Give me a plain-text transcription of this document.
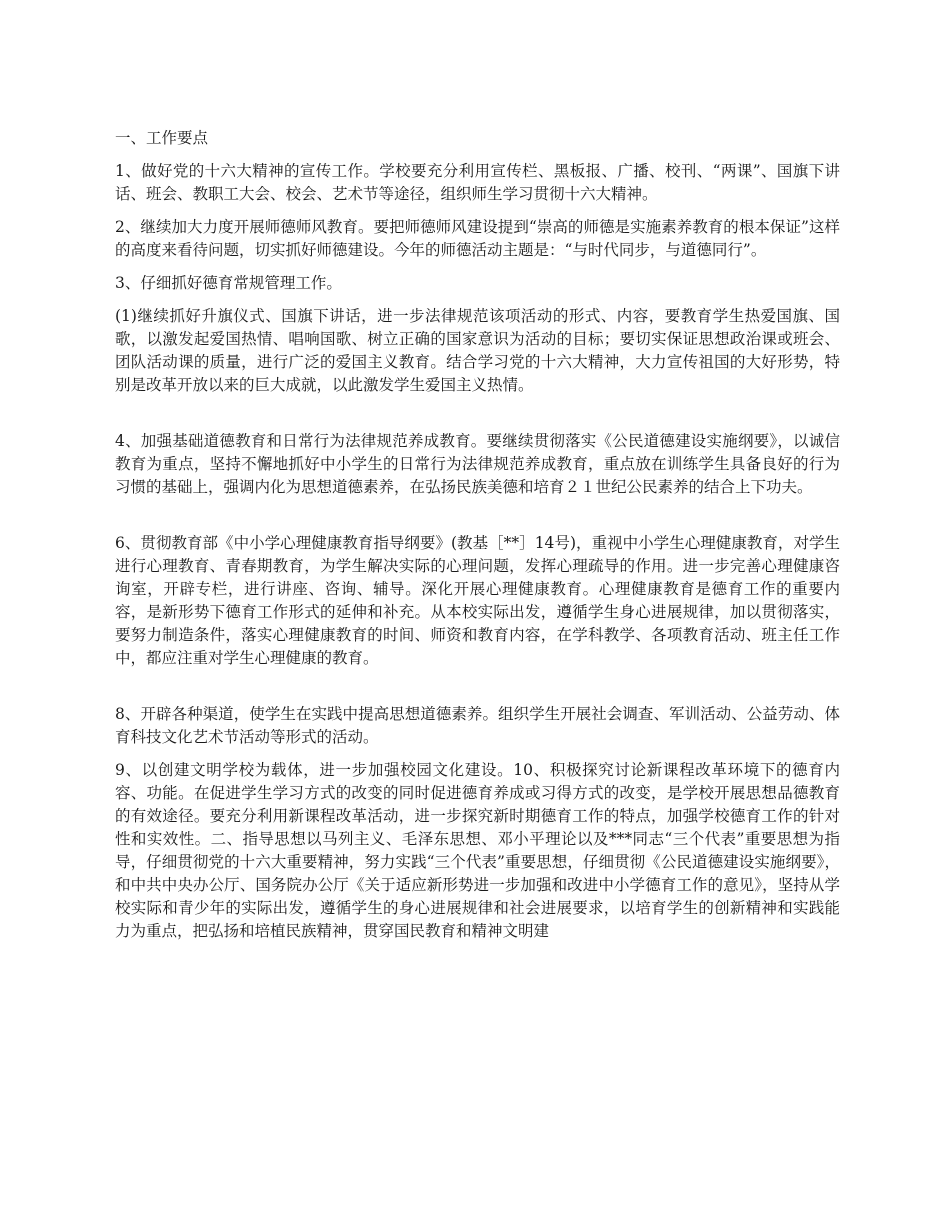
一、工作要点

1、做好党的十六大精神的宣传工作。学校要充分利用宣传栏、黑板报、广播、校刊、“两课”、国旗下讲话、班会、教职工大会、校会、艺术节等途径，组织师生学习贯彻十六大精神。

2、继续加大力度开展师德师风教育。要把师德师风建设提到“崇高的师德是实施素养教育的根本保证”这样的高度来看待问题，切实抓好师德建设。今年的师德活动主题是：“与时代同步，与道德同行”。

3、仔细抓好德育常规管理工作。

(1)继续抓好升旗仪式、国旗下讲话，进一步法律规范该项活动的形式、内容，要教育学生热爱国旗、国歌，以激发起爱国热情、唱响国歌、树立正确的国家意识为活动的目标；要切实保证思想政治课或班会、团队活动课的质量，进行广泛的爱国主义教育。结合学习党的十六大精神，大力宣传祖国的大好形势，特别是改革开放以来的巨大成就，以此激发学生爱国主义热情。

4、加强基础道德教育和日常行为法律规范养成教育。要继续贯彻落实《公民道德建设实施纲要》，以诚信教育为重点，坚持不懈地抓好中小学生的日常行为法律规范养成教育，重点放在训练学生具备良好的行为习惯的基础上，强调内化为思想道德素养，在弘扬民族美德和培育２１世纪公民素养的结合上下功夫。

6、贯彻教育部《中小学心理健康教育指导纲要》(教基［**］14号)，重视中小学生心理健康教育，对学生进行心理教育、青春期教育，为学生解决实际的心理问题，发挥心理疏导的作用。进一步完善心理健康咨询室，开辟专栏，进行讲座、咨询、辅导。深化开展心理健康教育。心理健康教育是德育工作的重要内容，是新形势下德育工作形式的延伸和补充。从本校实际出发，遵循学生身心进展规律，加以贯彻落实，要努力制造条件，落实心理健康教育的时间、师资和教育内容，在学科教学、各项教育活动、班主任工作中，都应注重对学生心理健康的教育。

8、开辟各种渠道，使学生在实践中提高思想道德素养。组织学生开展社会调查、军训活动、公益劳动、体育科技文化艺术节活动等形式的活动。

9、以创建文明学校为载体，进一步加强校园文化建设。10、积极探究讨论新课程改革环境下的德育内容、功能。在促进学生学习方式的改变的同时促进德育养成或习得方式的改变，是学校开展思想品德教育的有效途径。要充分利用新课程改革活动，进一步探究新时期德育工作的特点，加强学校德育工作的针对性和实效性。二、指导思想以马列主义、毛泽东思想、邓小平理论以及***同志“三个代表”重要思想为指导，仔细贯彻党的十六大重要精神，努力实践“三个代表”重要思想，仔细贯彻《公民道德建设实施纲要》，和中共中央办公厅、国务院办公厅《关于适应新形势进一步加强和改进中小学德育工作的意见》，坚持从学校实际和青少年的实际出发，遵循学生的身心进展规律和社会进展要求，以培育学生的创新精神和实践能力为重点，把弘扬和培植民族精神，贯穿国民教育和精神文明建
